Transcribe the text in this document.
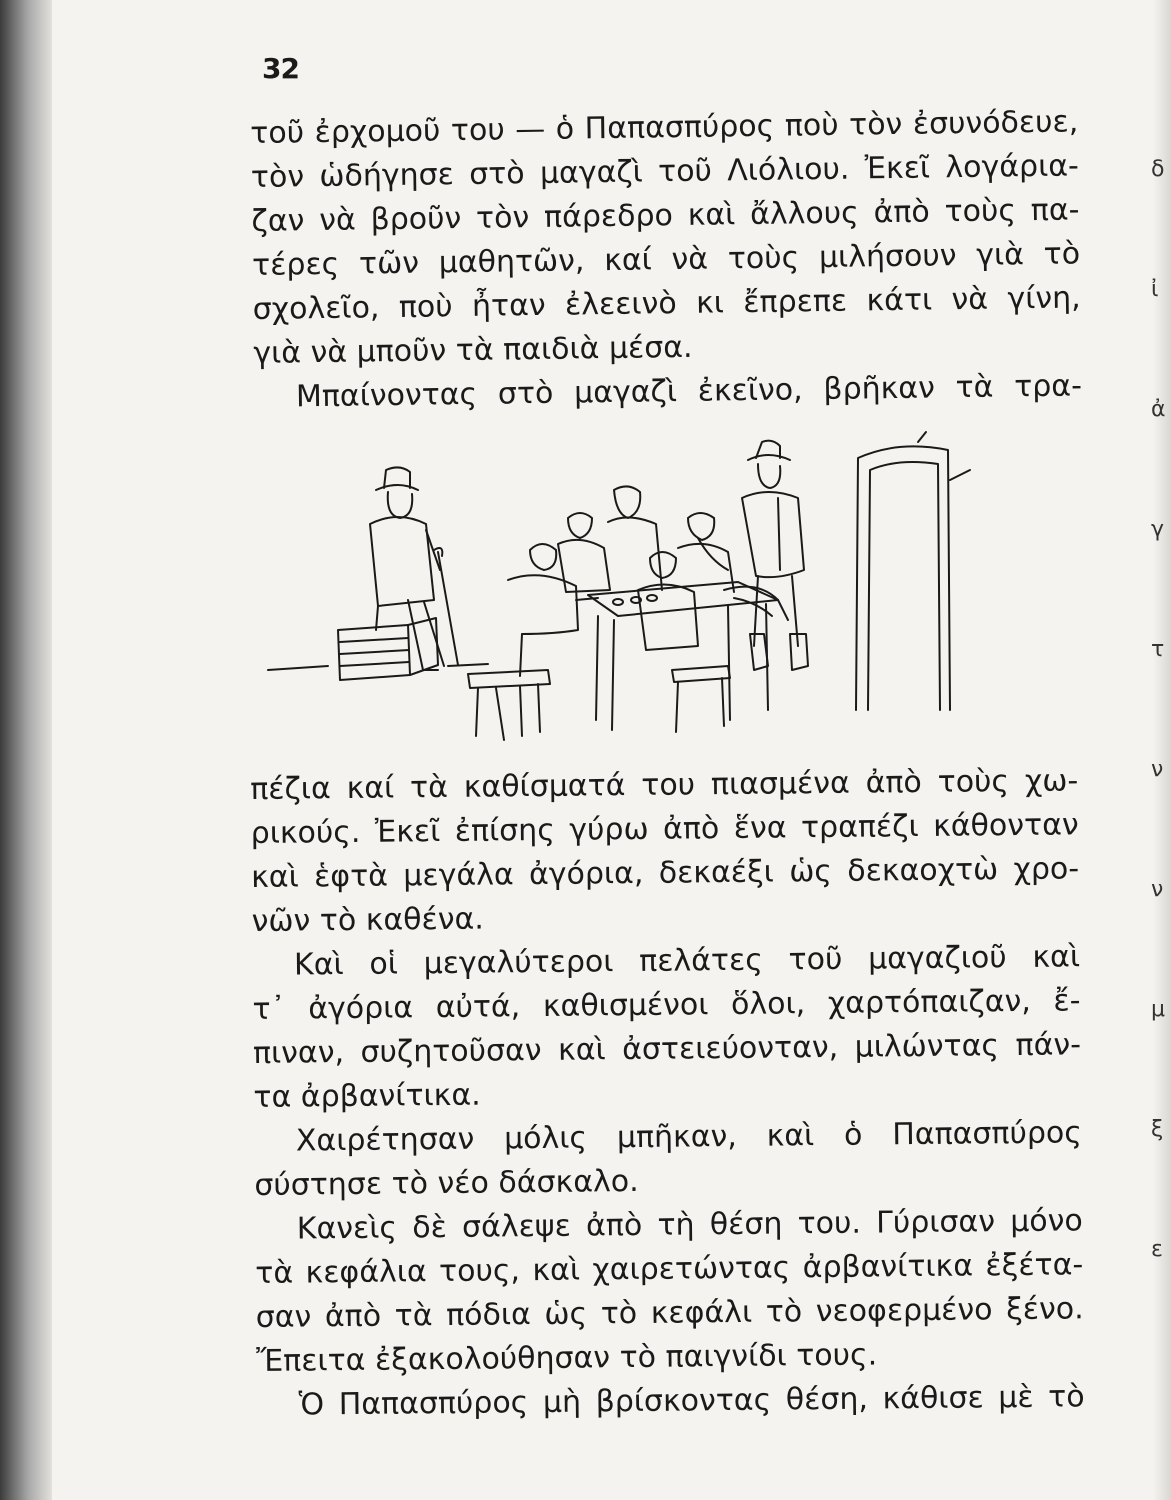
32
τοῦ ἐρχομοῦ του — ὁ Παπασπύρος ποὺ τὸν ἐσυνόδευε,
τὸν ὡδήγησε στὸ μαγαζὶ τοῦ Λιόλιου. Ἐκεῖ λογάρια-
ζαν νὰ βροῦν τὸν πάρεδρο καὶ ἄλλους ἀπὸ τοὺς πα-
τέρες τῶν μαθητῶν, καί νὰ τοὺς μιλήσουν γιὰ τὸ
σχολεῖο, ποὺ ἦταν ἐλεεινὸ κι ἔπρεπε κάτι νὰ γίνη,
γιὰ νὰ μποῦν τὰ παιδιὰ μέσα.
Μπαίνοντας στὸ μαγαζὶ ἐκεῖνο, βρῆκαν τὰ τρα-
πέζια καί τὰ καθίσματά του πιασμένα ἀπὸ τοὺς χω-
ρικούς. Ἐκεῖ ἐπίσης γύρω ἀπὸ ἕνα τραπέζι κάθονταν
καὶ ἑφτὰ μεγάλα ἀγόρια, δεκαέξι ὡς δεκαοχτὼ χρο-
νῶν τὸ καθένα.
Καὶ οἱ μεγαλύτεροι πελάτες τοῦ μαγαζιοῦ καὶ
τ᾿ ἀγόρια αὐτά, καθισμένοι ὅλοι, χαρτόπαιζαν, ἔ-
πιναν, συζητοῦσαν καὶ ἀστειεύονταν, μιλώντας πάν-
τα ἀρβανίτικα.
Χαιρέτησαν μόλις μπῆκαν, καὶ ὁ Παπασπύρος
σύστησε τὸ νέο δάσκαλο.
Κανεὶς δὲ σάλεψε ἀπὸ τὴ θέση του. Γύρισαν μόνο
τὰ κεφάλια τους, καὶ χαιρετώντας ἀρβανίτικα ἐξέτα-
σαν ἀπὸ τὰ πόδια ὡς τὸ κεφάλι τὸ νεοφερμένο ξένο.
Ἔπειτα ἐξακολούθησαν τὸ παιγνίδι τους.
Ὁ Παπασπύρος μὴ βρίσκοντας θέση, κάθισε μὲ τὸ
δ
ἰ
ἀ
γ
τ
ν
ν
μ
ξ
ε
